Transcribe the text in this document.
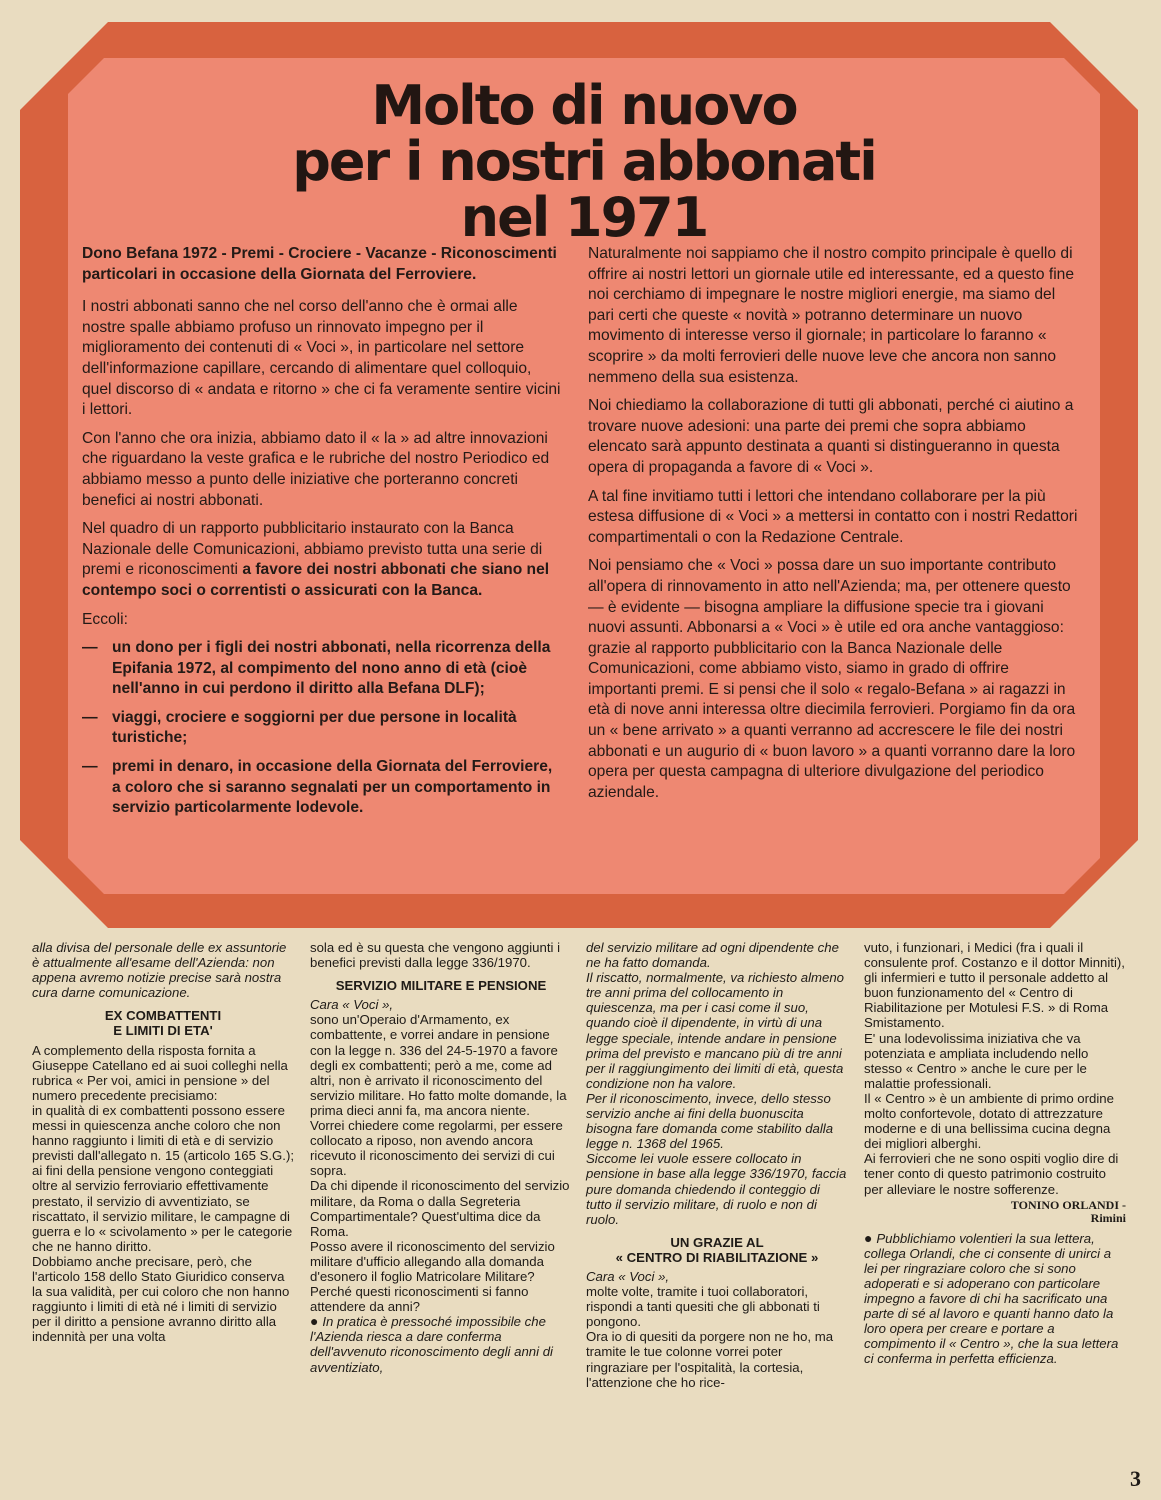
Molto di nuovo
per i nostri abbonati
nel 1971

Dono Befana 1972 - Premi - Crociere - Vacanze - Riconoscimenti particolari in occasione della Giornata del Ferroviere.

I nostri abbonati sanno che nel corso dell'anno che è ormai alle nostre spalle abbiamo profuso un rinnovato impegno per il miglioramento dei contenuti di « Voci », in particolare nel settore dell'informazione capillare, cercando di alimentare quel colloquio, quel discorso di « andata e ritorno » che ci fa veramente sentire vicini i lettori.

Con l'anno che ora inizia, abbiamo dato il « la » ad altre innovazioni che riguardano la veste grafica e le rubriche del nostro Periodico ed abbiamo messo a punto delle iniziative che porteranno concreti benefici ai nostri abbonati.

Nel quadro di un rapporto pubblicitario instaurato con la Banca Nazionale delle Comunicazioni, abbiamo previsto tutta una serie di premi e riconoscimenti a favore dei nostri abbonati che siano nel contempo soci o correntisti o assicurati con la Banca.

Eccoli:

— un dono per i figli dei nostri abbonati, nella ricorrenza della Epifania 1972, al compimento del nono anno di età (cioè nell'anno in cui perdono il diritto alla Befana DLF);
— viaggi, crociere e soggiorni per due persone in località turistiche;
— premi in denaro, in occasione della Giornata del Ferroviere, a coloro che si saranno segnalati per un comportamento in servizio particolarmente lodevole.

Naturalmente noi sappiamo che il nostro compito principale è quello di offrire ai nostri lettori un giornale utile ed interessante, ed a questo fine noi cerchiamo di impegnare le nostre migliori energie, ma siamo del pari certi che queste « novità » potranno determinare un nuovo movimento di interesse verso il giornale; in particolare lo faranno « scoprire » da molti ferrovieri delle nuove leve che ancora non sanno nemmeno della sua esistenza.

Noi chiediamo la collaborazione di tutti gli abbonati, perché ci aiutino a trovare nuove adesioni: una parte dei premi che sopra abbiamo elencato sarà appunto destinata a quanti si distingueranno in questa opera di propaganda a favore di « Voci ».

A tal fine invitiamo tutti i lettori che intendano collaborare per la più estesa diffusione di « Voci » a mettersi in contatto con i nostri Redattori compartimentali o con la Redazione Centrale.

Noi pensiamo che « Voci » possa dare un suo importante contributo all'opera di rinnovamento in atto nell'Azienda; ma, per ottenere questo — è evidente — bisogna ampliare la diffusione specie tra i giovani nuovi assunti. Abbonarsi a « Voci » è utile ed ora anche vantaggioso: grazie al rapporto pubblicitario con la Banca Nazionale delle Comunicazioni, come abbiamo visto, siamo in grado di offrire importanti premi. E si pensi che il solo « regalo-Befana » ai ragazzi in età di nove anni interessa oltre diecimila ferrovieri. Porgiamo fin da ora un « bene arrivato » a quanti verranno ad accrescere le file dei nostri abbonati e un augurio di « buon lavoro » a quanti vorranno dare la loro opera per questa campagna di ulteriore divulgazione del periodico aziendale.

alla divisa del personale delle ex assuntorie è attualmente all'esame dell'Azienda: non appena avremo notizie precise sarà nostra cura darne comunicazione.

EX COMBATTENTI
E LIMITI DI ETA'

A complemento della risposta fornita a Giuseppe Catellano ed ai suoi colleghi nella rubrica « Per voi, amici in pensione » del numero precedente precisiamo:

in qualità di ex combattenti possono essere messi in quiescenza anche coloro che non hanno raggiunto i limiti di età e di servizio previsti dall'allegato n. 15 (articolo 165 S.G.); ai fini della pensione vengono conteggiati oltre al servizio ferroviario effettivamente prestato, il servizio di avventiziato, se riscattato, il servizio militare, le campagne di guerra e lo « scivolamento » per le categorie che ne hanno diritto.

Dobbiamo anche precisare, però, che l'articolo 158 dello Stato Giuridico conserva la sua validità, per cui coloro che non hanno raggiunto i limiti di età né i limiti di servizio per il diritto a pensione avranno diritto alla indennità per una volta

sola ed è su questa che vengono aggiunti i benefici previsti dalla legge 336/1970.

SERVIZIO MILITARE E PENSIONE

Cara « Voci »,

sono un'Operaio d'Armamento, ex combattente, e vorrei andare in pensione con la legge n. 336 del 24-5-1970 a favore degli ex combattenti; però a me, come ad altri, non è arrivato il riconoscimento del servizio militare. Ho fatto molte domande, la prima dieci anni fa, ma ancora niente.

Vorrei chiedere come regolarmi, per essere collocato a riposo, non avendo ancora ricevuto il riconoscimento dei servizi di cui sopra.

Da chi dipende il riconoscimento del servizio militare, da Roma o dalla Segreteria Compartimentale? Quest'ultima dice da Roma.

Posso avere il riconoscimento del servizio militare d'ufficio allegando alla domanda d'esonero il foglio Matricolare Militare?

Perché questi riconoscimenti si fanno attendere da anni?

● In pratica è pressoché impossibile che l'Azienda riesca a dare conferma dell'avvenuto riconoscimento degli anni di avventiziato,

del servizio militare ad ogni dipendente che ne ha fatto domanda.

Il riscatto, normalmente, va richiesto almeno tre anni prima del collocamento in quiescenza, ma per i casi come il suo, quando cioè il dipendente, in virtù di una legge speciale, intende andare in pensione prima del previsto e mancano più di tre anni per il raggiungimento dei limiti di età, questa condizione non ha valore.

Per il riconoscimento, invece, dello stesso servizio anche ai fini della buonuscita bisogna fare domanda come stabilito dalla legge n. 1368 del 1965.

Siccome lei vuole essere collocato in pensione in base alla legge 336/1970, faccia pure domanda chiedendo il conteggio di tutto il servizio militare, di ruolo e non di ruolo.

UN GRAZIE AL
« CENTRO DI RIABILITAZIONE »

Cara « Voci »,

molte volte, tramite i tuoi collaboratori, rispondi a tanti quesiti che gli abbonati ti pongono.

Ora io di quesiti da porgere non ne ho, ma tramite le tue colonne vorrei poter ringraziare per l'ospitalità, la cortesia, l'attenzione che ho rice-

vuto, i funzionari, i Medici (fra i quali il consulente prof. Costanzo e il dottor Minniti), gli infermieri e tutto il personale addetto al buon funzionamento del « Centro di Riabilitazione per Motulesi F.S. » di Roma Smistamento.

E' una lodevolissima iniziativa che va potenziata e ampliata includendo nello stesso « Centro » anche le cure per le malattie professionali.

Il « Centro » è un ambiente di primo ordine molto confortevole, dotato di attrezzature moderne e di una bellissima cucina degna dei migliori alberghi.

Ai ferrovieri che ne sono ospiti voglio dire di tener conto di questo patrimonio costruito per alleviare le nostre sofferenze.

TONINO ORLANDI -
Rimini

● Pubblichiamo volentieri la sua lettera, collega Orlandi, che ci consente di unirci a lei per ringraziare coloro che si sono adoperati e si adoperano con particolare impegno a favore di chi ha sacrificato una parte di sé al lavoro e quanti hanno dato la loro opera per creare e portare a compimento il « Centro », che la sua lettera ci conferma in perfetta efficienza.

3
